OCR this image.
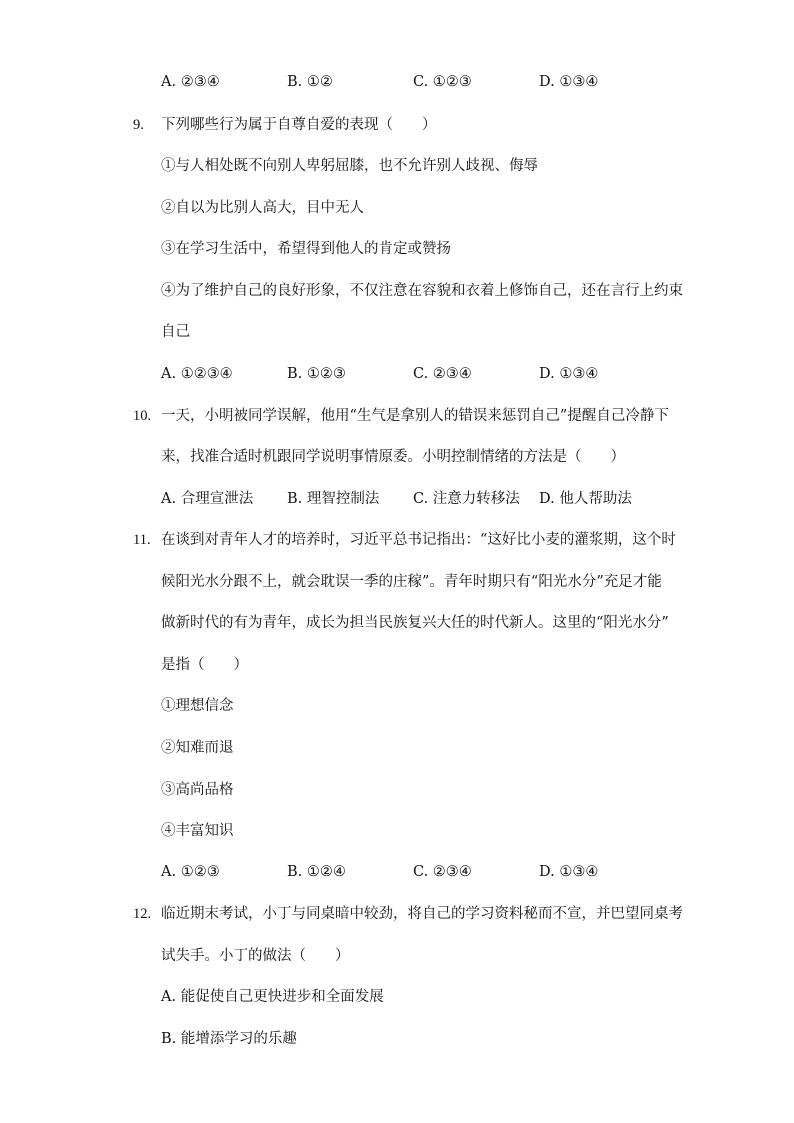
A. ②③④	B. ①②	C. ①②③	D. ①③④
9. 下列哪些行为属于自尊自爱的表现（　　）
①与人相处既不向别人卑躬屈膝，也不允许别人歧视、侮辱
②自以为比别人高大，目中无人
③在学习生活中，希望得到他人的肯定或赞扬
④为了维护自己的良好形象，不仅注意在容貌和衣着上修饰自己，还在言行上约束
自己
A. ①②③④	B. ①②③	C. ②③④	D. ①③④
10. 一天，小明被同学误解，他用“生气是拿别人的错误来惩罚自己”提醒自己冷静下
来，找准合适时机跟同学说明事情原委。小明控制情绪的方法是（　　）
A. 合理宣泄法 B. 理智控制法 C. 注意力转移法 D. 他人帮助法
11. 在谈到对青年人才的培养时，习近平总书记指出：“这好比小麦的灌浆期，这个时
候阳光水分跟不上，就会耽误一季的庄稼”。青年时期只有“阳光水分”充足才能
做新时代的有为青年，成长为担当民族复兴大任的时代新人。这里的“阳光水分”
是指（　　）
①理想信念
②知难而退
③高尚品格
④丰富知识
A. ①②③	B. ①②④	C. ②③④	D. ①③④
12. 临近期末考试，小丁与同桌暗中较劲，将自己的学习资料秘而不宣，并巴望同桌考
试失手。小丁的做法（　　）
A. 能促使自己更快进步和全面发展
B. 能增添学习的乐趣
